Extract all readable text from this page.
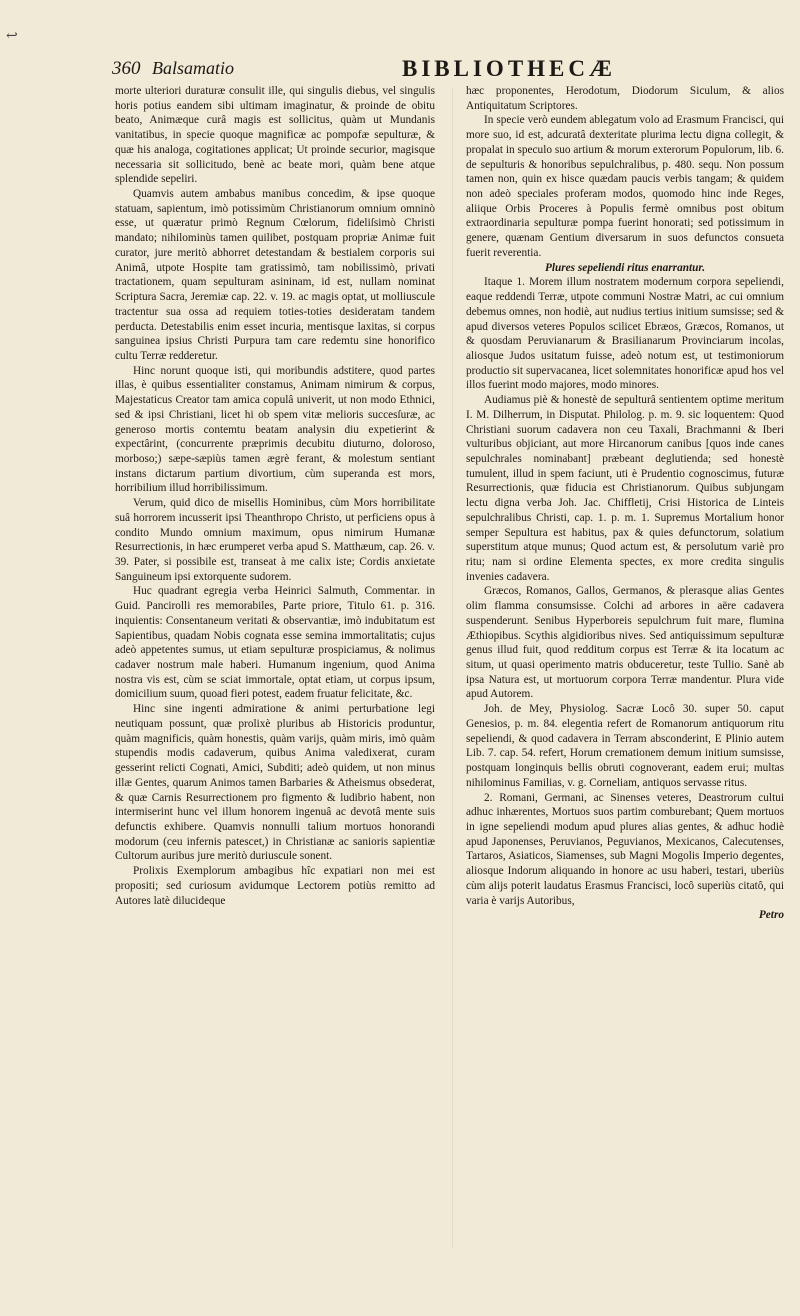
↩
360 Balsamatio	BIBLIOTHECÆ

morte ulteriori duraturæ consulit ille, qui singulis diebus, vel singulis horis potius eandem sibi ultimam imaginatur, & proinde de obitu beato, Animæque curâ magis est sollicitus, quàm ut Mundanis vanitatibus, in specie quoque magnificæ ac pompofæ sepulturæ, & quæ his analoga, cogitationes applicat; Ut proinde securior, magisque necessaria sit sollicitudo, benè ac beate mori, quàm bene atque splendide sepeliri.

Quamvis autem ambabus manibus concedim, & ipse quoque statuam, sapientum, imò potissimùm Christianorum omnium omninò esse, ut quæratur primò Regnum Cœlorum, fideliſsimò Christi mandato; nihilominùs tamen quilibet, postquam propriæ Animæ fuit curator, jure meritò abhorret detestandam & bestialem corporis sui Animâ, utpote Hospite tam gratissimò, tam nobilissimò, privati tractationem, quam sepulturam asininam, id est, nullam nominat Scriptura Sacra, Jeremiæ cap. 22. v. 19. ac magis optat, ut molliuscule tractentur sua ossa ad requiem toties-toties desideratam tandem perducta. Detestabilis enim esset incuria, mentisque laxitas, si corpus sanguinea ipsius Christi Purpura tam care redemtu sine honorifico cultu Terræ redderetur.

Hinc norunt quoque isti, qui moribundis adstitere, quod partes illas, è quibus essentialiter constamus, Animam nimirum & corpus, Majestaticus Creator tam amica copulâ univerit, ut non modo Ethnici, sed & ipsi Christiani, licet hi ob spem vitæ melioris succesſuræ, ac generoso mortis contemtu beatam analysin diu expetierint & expectârint, (concurrente præprimis decubitu diuturno, doloroso, morboso;) sæpe-sæpiùs tamen ægrè ferant, & molestum sentiant instans dictarum partium divortium, cùm superanda est mors, horribilium illud horribilissimum.

Verum, quid dico de misellis Hominibus, cùm Mors horribilitate suâ horrorem incusserit ipsi Theanthropo Christo, ut perficiens opus à condito Mundo omnium maximum, opus nimirum Humanæ Resurrectionis, in hæc erumperet verba apud S. Matthæum, cap. 26. v. 39. Pater, si possibile est, transeat à me calix iste; Cordis anxietate Sanguineum ipsi extorquente sudorem.

Huc quadrant egregia verba Heinrici Salmuth, Commentar. in Guid. Pancirolli res memorabiles, Parte priore, Titulo 61. p. 316. inquientis: Consentaneum veritati & observantiæ, imò indubitatum est Sapientibus, quadam Nobis cognata esse semina immortalitatis; cujus adeò appetentes sumus, ut etiam sepulturæ prospiciamus, & nolimus cadaver nostrum male haberi. Humanum ingenium, quod Anima nostra vis est, cùm se sciat immortale, optat etiam, ut corpus ipsum, domicilium suum, quoad fieri potest, eadem fruatur felicitate, &c.

Hinc sine ingenti admiratione & animi perturbatione legi neutiquam possunt, quæ prolixè pluribus ab Historicis produntur, quàm magnificis, quàm honestis, quàm varijs, quàm miris, imò quàm stupendis modis cadaverum, quibus Anima valedixerat, curam gesserint relicti Cognati, Amici, Subditi; adeò quidem, ut non minus illæ Gentes, quarum Animos tamen Barbaries & Atheismus obsederat, & quæ Carnis Resurrectionem pro figmento & ludibrio habent, non intermiserint hunc vel illum honorem ingenuâ ac devotâ mente suis defunctis exhibere. Quamvis nonnulli talium mortuos honorandi modorum (ceu infernis patescet,) in Christianæ ac sanioris sapientiæ Cultorum auribus jure meritò duriuscule sonent.

Prolixis Exemplorum ambagibus hîc expatiari non mei est propositi; sed curiosum avidumque Lectorem potiùs remitto ad Autores latè dilucideque

hæc proponentes, Herodotum, Diodorum Siculum, & alios Antiquitatum Scriptores.

In specie verò eundem ablegatum volo ad Erasmum Francisci, qui more suo, id est, adcuratâ dexteritate plurima lectu digna collegit, & propalat in speculo suo artium & morum exterorum Populorum, lib. 6. de sepulturis & honoribus sepulchralibus, p. 480. sequ. Non possum tamen non, quin ex hisce quædam paucis verbis tangam; & quidem non adeò speciales proferam modos, quomodo hinc inde Reges, aliique Orbis Proceres à Populis fermè omnibus post obitum extraordinaria sepulturæ pompa fuerint honorati; sed potissimum in genere, quænam Gentium diversarum in suos defunctos consueta fuerit reverentia.

Plures sepeliendi ritus enarrantur.

Itaque 1. Morem illum nostratem modernum corpora sepeliendi, eaque reddendi Terræ, utpote communi Nostræ Matri, ac cui omnium debemus omnes, non hodiè, aut nudius tertius initium sumsisse; sed & apud diversos veteres Populos scilicet Ebræos, Græcos, Romanos, ut & quosdam Peruvianarum & Brasilianarum Provinciarum incolas, aliosque Judos usitatum fuisse, adeò notum est, ut testimoniorum productio sit supervacanea, licet solemnitates honorificæ apud hos vel illos fuerint modo majores, modo minores.

Audiamus piè & honestè de sepulturâ sentientem optime meritum I. M. Dilherrum, in Disputat. Philolog. p. m. 9. sic loquentem: Quod Christiani suorum cadavera non ceu Taxali, Brachmanni & Iberi vulturibus objiciant, aut more Hircanorum canibus [quos inde canes sepulchrales nominabant] præbeant deglutienda; sed honestè tumulent, illud in spem faciunt, uti è Prudentio cognoscimus, futuræ Resurrectionis, quæ fiducia est Christianorum. Quibus subjungam lectu digna verba Joh. Jac. Chiffletij, Crisi Historica de Linteis sepulchralibus Christi, cap. 1. p. m. 1. Supremus Mortalium honor semper Sepultura est habitus, pax & quies defunctorum, solatium superstitum atque munus; Quod actum est, & persolutum variè pro ritu; nam si ordine Elementa spectes, ex more credita singulis invenies cadavera.

Græcos, Romanos, Gallos, Germanos, & plerasque alias Gentes olim flamma consumsisse. Colchi ad arbores in aëre cadavera suspenderunt. Senibus Hyperboreis sepulchrum fuit mare, flumina Æthiopibus. Scythis algidioribus nives. Sed antiquissimum sepulturæ genus illud fuit, quod redditum corpus est Terræ & ita locatum ac situm, ut quasi operimento matris obduceretur, teste Tullio. Sanè ab ipsa Natura est, ut mortuorum corpora Terræ mandentur. Plura vide apud Autorem.

Joh. de Mey, Physiolog. Sacræ Locô 30. super 50. caput Genesios, p. m. 84. elegentia refert de Romanorum antiquorum ritu sepeliendi, & quod cadavera in Terram absconderint, E Plinio autem Lib. 7. cap. 54. refert, Horum cremationem demum initium sumsisse, postquam longinquis bellis obruti cognoverant, eadem erui; multas nihilominus Familias, v. g. Corneliam, antiquos servasse ritus.

2. Romani, Germani, ac Sinenses veteres, Deastrorum cultui adhuc inhærentes, Mortuos suos partim comburebant; Quem mortuos in igne sepeliendi modum apud plures alias gentes, & adhuc hodiè apud Japonenses, Peruvianos, Peguvianos, Mexicanos, Calecutenses, Tartaros, Asiaticos, Siamenses, sub Magni Mogolis Imperio degentes, aliosque Indorum aliquando in honore ac usu haberi, testari, uberiùs cùm alijs poterit laudatus Erasmus Francisci, locô superiùs citatô, qui varia è varijs Autoribus,

Petro
